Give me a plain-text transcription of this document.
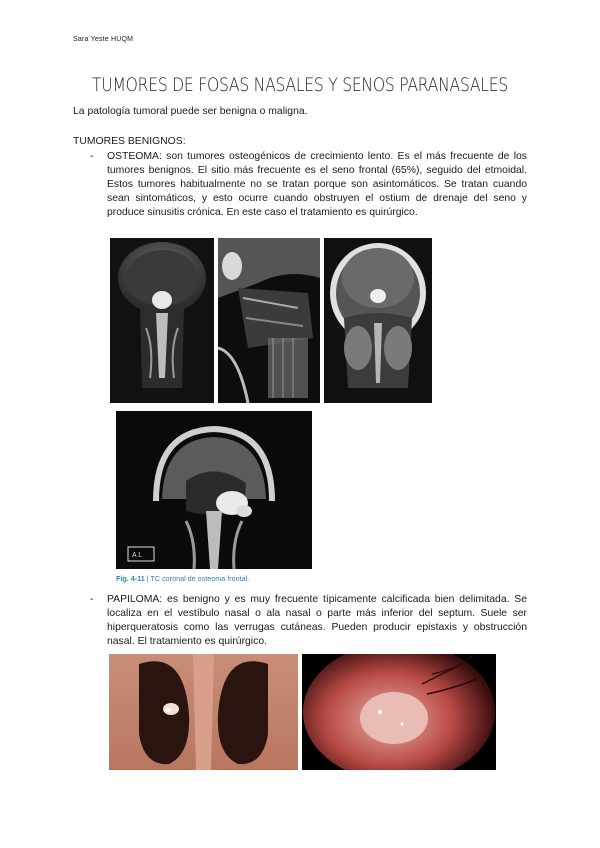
Sara Yeste HUQM
TUMORES DE FOSAS NASALES Y SENOS PARANASALES
La patología tumoral puede ser benigna o maligna.
TUMORES BENIGNOS:
- OSTEOMA: son tumores osteogénicos de crecimiento lento. Es el más frecuente de los tumores benignos. El sitio más frecuente es el seno frontal (65%), seguido del etmoidal. Estos tumores habitualmente no se tratan porque son asintomáticos. Se tratan cuando sean sintomáticos, y esto ocurre cuando obstruyen el ostium de drenaje del seno y produce sinusitis crónica. En este caso el tratamiento es quirúrgico.
A L
Fig. 4-11 | TC coronal de osteoma frontal.
- PAPILOMA: es benigno y es muy frecuente típicamente calcificada bien delimitada. Se localiza en el vestíbulo nasal o ala nasal o parte más inferior del septum. Suele ser hiperqueratosis como las verrugas cutáneas. Pueden producir epistaxis y obstrucción nasal. El tratamiento es quirúrgico.
